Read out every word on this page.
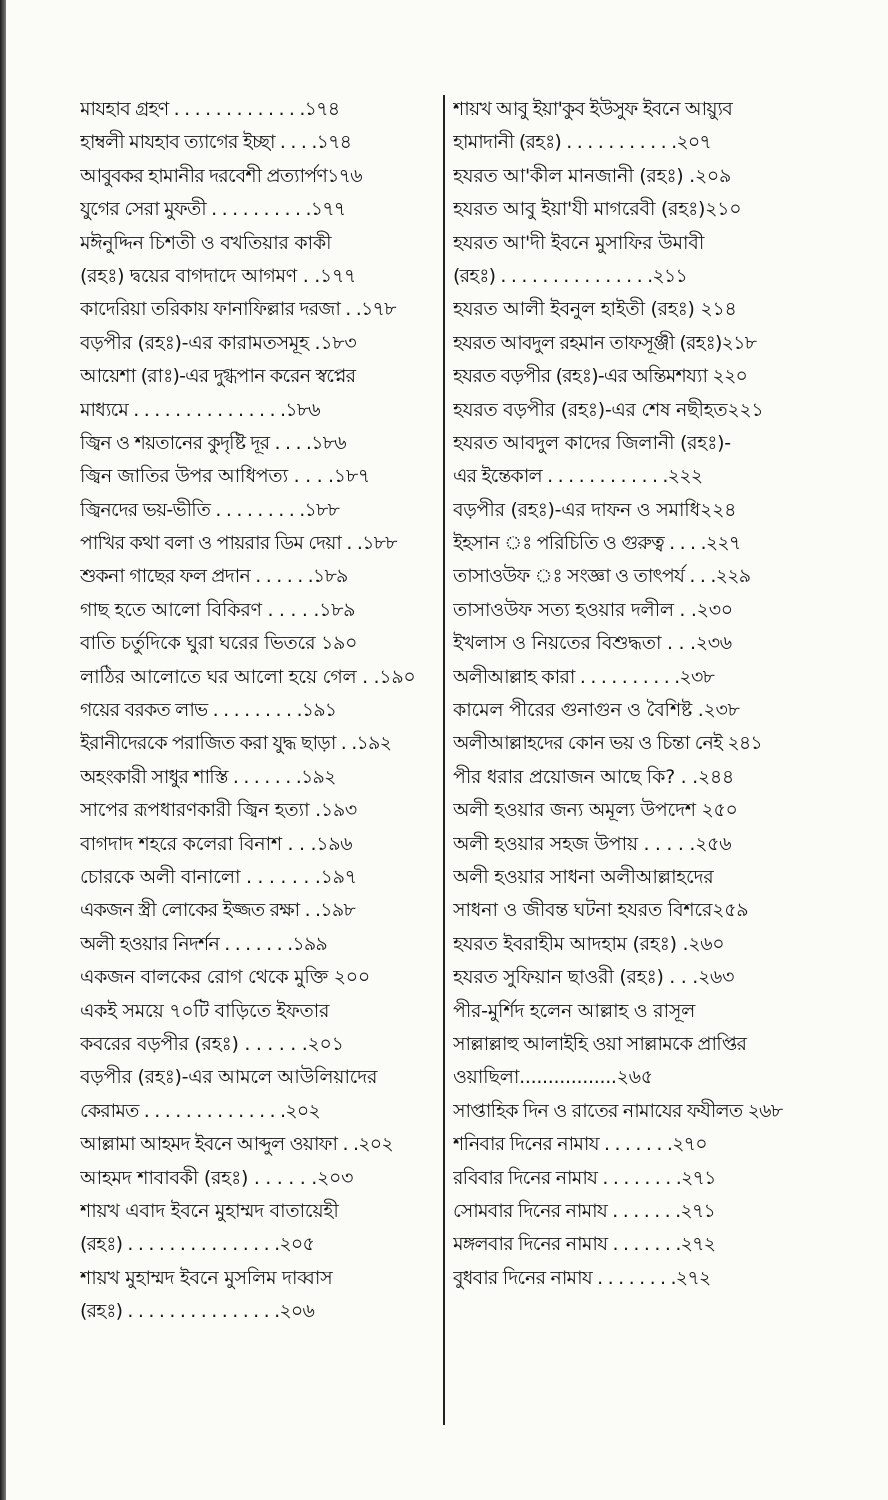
মাযহাব গ্রহণ . . . . . . . . . . . . .১৭৪
হাম্বলী মাযহাব ত্যাগের ইচ্ছা . . . .১৭৪
আবুবকর হামানীর দরবেশী প্রত্যার্পণ১৭৬
যুগের সেরা মুফতী . . . . . . . . . .১৭৭
মঈনুদ্দিন চিশতী ও বখতিয়ার কাকী
(রহঃ) দ্বয়ের বাগদাদে আগমণ . .১৭৭
কাদেরিয়া তরিকায় ফানাফিল্লার দরজা . .১৭৮
বড়পীর (রহঃ)-এর কারামতসমূহ .১৮৩
আয়েশা (রাঃ)-এর দুগ্ধপান করেন স্বপ্নের
মাধ্যমে . . . . . . . . . . . . . . .১৮৬
জ্বিন ও শয়তানের কুদৃষ্টি দূর . . . .১৮৬
জ্বিন জাতির উপর আধিপত্য . . . .১৮৭
জ্বিনদের ভয়-ভীতি . . . . . . . . .১৮৮
পাখির কথা বলা ও পায়রার ডিম দেয়া . .১৮৮
শুকনা গাছের ফল প্রদান . . . . . .১৮৯
গাছ হতে আলো বিকিরণ . . . . .১৮৯
বাতি চর্তুদিকে ঘুরা ঘরের ভিতরে ১৯০
লাঠির আলোতে ঘর আলো হয়ে গেল . .১৯০
গয়ের বরকত লাভ . . . . . . . . .১৯১
ইরানীদেরকে পরাজিত করা যুদ্ধ ছাড়া . .১৯২
অহংকারী সাধুর শাস্তি . . . . . . .১৯২
সাপের রূপধারণকারী জ্বিন হত্যা .১৯৩
বাগদাদ শহরে কলেরা বিনাশ . . .১৯৬
চোরকে অলী বানালো . . . . . . .১৯৭
একজন স্ত্রী লোকের ইজ্জত রক্ষা . .১৯৮
অলী হওয়ার নিদর্শন . . . . . . .১৯৯
একজন বালকের রোগ থেকে মুক্তি ২০০
একই সময়ে ৭০টি বাড়িতে ইফতার
কবরের বড়পীর (রহঃ) . . . . . .২০১
বড়পীর (রহঃ)-এর আমলে আউলিয়াদের
কেরামত . . . . . . . . . . . . . .২০২
আল্লামা আহমদ ইবনে আব্দুল ওয়াফা . .২০২
আহমদ শাবাবকী (রহঃ) . . . . . .২০৩
শায়খ এবাদ ইবনে মুহাম্মদ বাতায়েহী
(রহঃ) . . . . . . . . . . . . . . .২০৫
শায়খ মুহাম্মদ ইবনে মুসলিম দাব্বাস
(রহঃ) . . . . . . . . . . . . . . .২০৬
শায়খ আবু ইয়া'কুব ইউসুফ ইবনে আয়্যুব
হামাদানী (রহঃ) . . . . . . . . . . .২০৭
হযরত আ'কীল মানজানী (রহঃ) .২০৯
হযরত আবু ইয়া'যী মাগরেবী (রহঃ)২১০
হযরত আ'দী ইবনে মুসাফির উমাবী
(রহঃ) . . . . . . . . . . . . . . .২১১
হযরত আলী ইবনুল হাইতী (রহঃ) ২১৪
হযরত আবদুল রহমান তাফসূঞ্জী (রহঃ)২১৮
হযরত বড়পীর (রহঃ)-এর অন্তিমশয্যা ২২০
হযরত বড়পীর (রহঃ)-এর শেষ নছীহত২২১
হযরত আবদুল কাদের জিলানী (রহঃ)-
এর ইন্তেকাল . . . . . . . . . . . .২২২
বড়পীর (রহঃ)-এর দাফন ও সমাধি২২৪
ইহসান ঃ পরিচিতি ও গুরুত্ব . . . .২২৭
তাসাওউফ ঃ সংজ্ঞা ও তাৎপর্য . . .২২৯
তাসাওউফ সত্য হওয়ার দলীল . .২৩০
ইখলাস ও নিয়তের বিশুদ্ধতা . . .২৩৬
অলীআল্লাহ কারা . . . . . . . . . .২৩৮
কামেল পীরের গুনাগুন ও বৈশিষ্ট .২৩৮
অলীআল্লাহদের কোন ভয় ও চিন্তা নেই ২৪১
পীর ধরার প্রয়োজন আছে কি? . .২৪৪
অলী হওয়ার জন্য অমূল্য উপদেশ ২৫০
অলী হওয়ার সহজ উপায় . . . . .২৫৬
অলী হওয়ার সাধনা অলীআল্লাহদের
সাধনা ও জীবন্ত ঘটনা হযরত বিশরে২৫৯
হযরত ইবরাহীম আদহাম (রহঃ) .২৬০
হযরত সুফিয়ান ছাওরী (রহঃ) . . .২৬৩
পীর-মুর্শিদ হলেন আল্লাহ ও রাসূল
সাল্লাল্লাহু আলাইহি ওয়া সাল্লামকে প্রাপ্তির
ওয়াছিলা.................২৬৫
সাপ্তাহিক দিন ও রাতের নামাযের ফযীলত ২৬৮
শনিবার দিনের নামায . . . . . . .২৭০
রবিবার দিনের নামায . . . . . . . .২৭১
সোমবার দিনের নামায . . . . . . .২৭১
মঙ্গলবার দিনের নামায . . . . . . .২৭২
বুধবার দিনের নামায . . . . . . . .২৭২
